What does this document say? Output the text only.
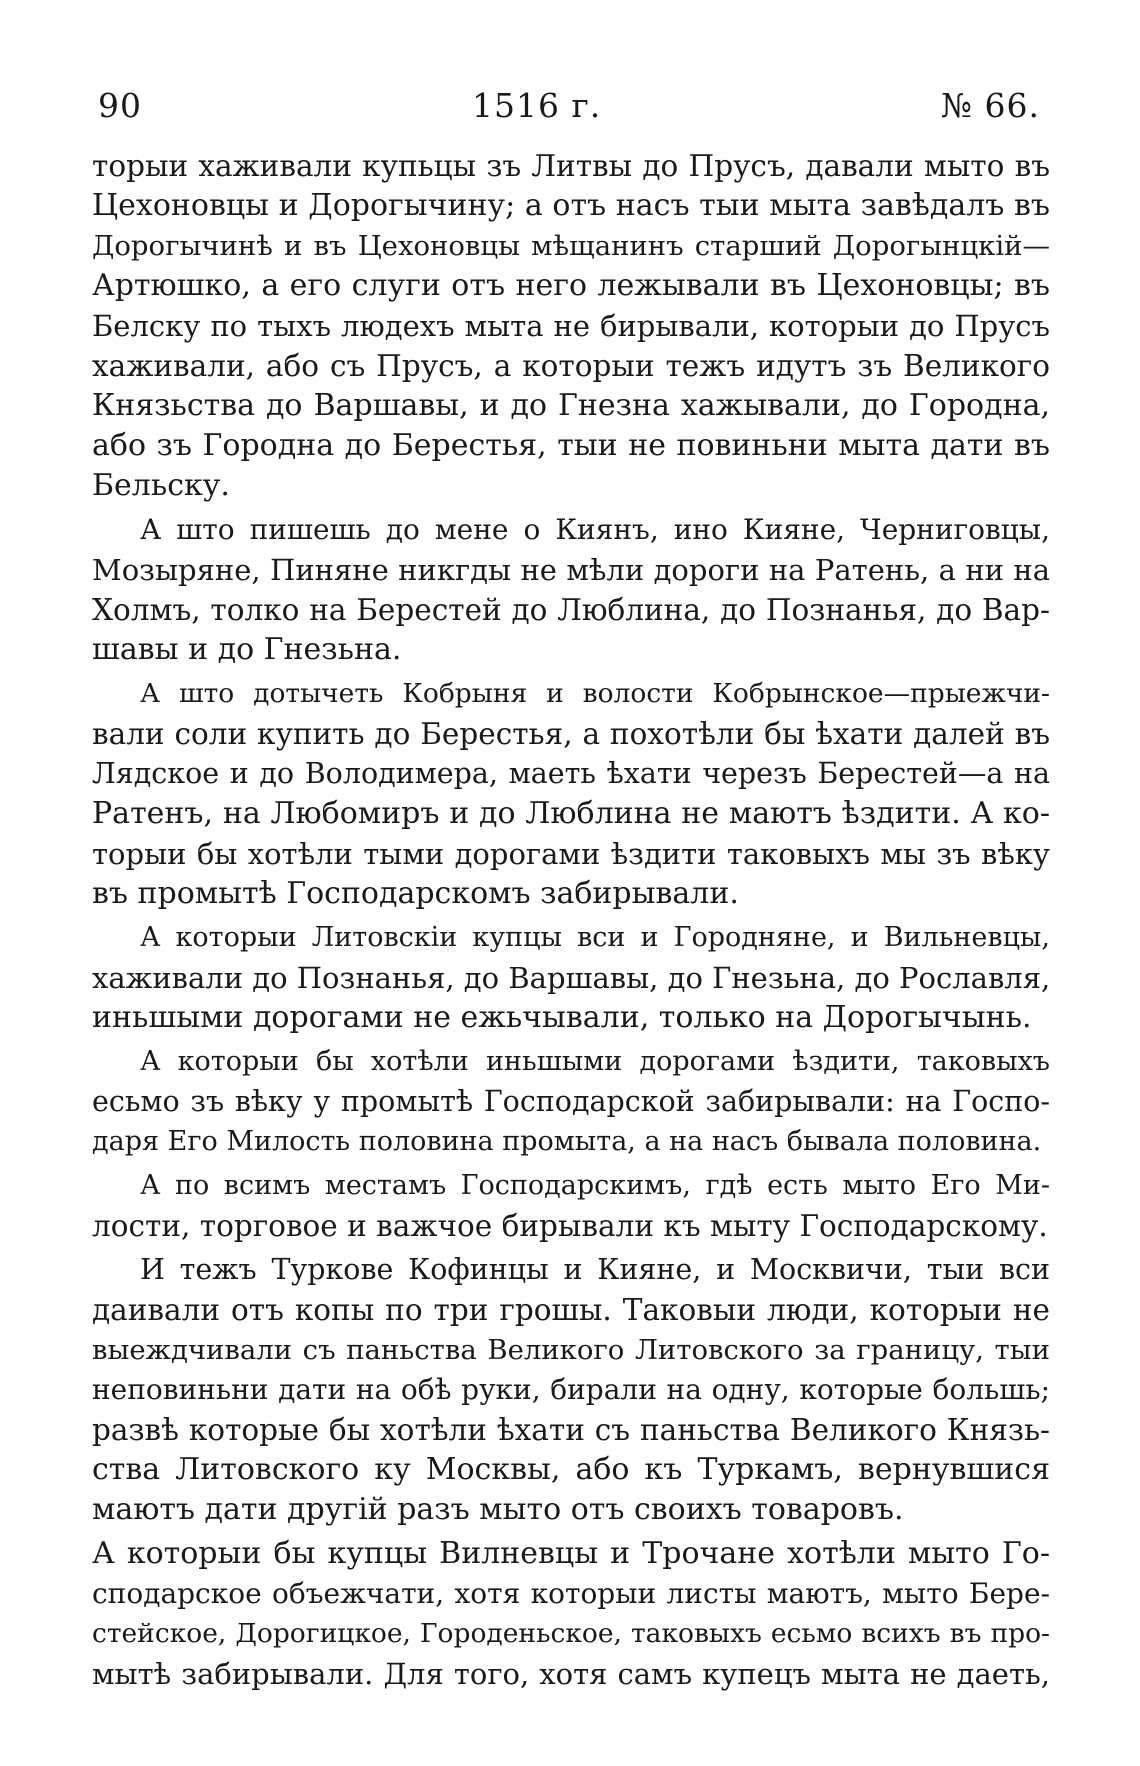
90	1516 г.	№ 66.
торыи хаживали купьцы зъ Литвы до Прусъ, давали мыто въ
Цехоновцы и Дорогычину; а отъ насъ тыи мыта завѣдалъ въ
Дорогычинѣ и въ Цехоновцы мѣщанинъ старший Дорогынцкій—
Артюшко, а его слуги отъ него лежывали въ Цехоновцы; въ
Белску по тыхъ людехъ мыта не бирывали, которыи до Прусъ
хаживали, або съ Прусъ, а которыи тежъ идутъ зъ Великого
Князьства до Варшавы, и до Гнезна хажывали, до Городна,
або зъ Городна до Берестья, тыи не повиньни мыта дати въ
Бельску.
А што пишешь до мене о Киянъ, ино Кияне, Черниговцы,
Мозыряне, Пиняне никгды не мѣли дороги на Ратень, а ни на
Холмъ, толко на Берестей до Люблина, до Познанья, до Вар-
шавы и до Гнезьна.
А што дотычеть Кобрыня и волости Кобрынское—прыежчи-
вали соли купить до Берестья, а похотѣли бы ѣхати далей въ
Лядское и до Володимера, маеть ѣхати черезъ Берестей—а на
Ратенъ, на Любомиръ и до Люблина не маютъ ѣздити. А ко-
торыи бы хотѣли тыми дорогами ѣздити таковыхъ мы зъ вѣку
въ промытѣ Господарскомъ забирывали.
А которыи Литовскіи купцы вси и Городняне, и Вильневцы,
хаживали до Познанья, до Варшавы, до Гнезьна, до Рославля,
иньшыми дорогами не ежьчывали, только на Дорогычынь.
А которыи бы хотѣли иньшыми дорогами ѣздити, таковыхъ
есьмо зъ вѣку у промытѣ Господарской забирывали: на Госпо-
даря Его Милость половина промыта, а на насъ бывала половина.
А по всимъ местамъ Господарскимъ, гдѣ есть мыто Его Ми-
лости, торговое и важчое бирывали къ мыту Господарскому.
И тежъ Турковe Кофинцы и Кияне, и Москвичи, тыи вси
даивали отъ копы по три грошы. Таковыи люди, которыи не
выеждчивали съ паньства Великого Литовского за границу, тыи
неповиньни дати на обѣ руки, бирали на одну, которые большь;
развѣ которые бы хотѣли ѣхати съ паньства Великого Князь-
ства Литовского ку Москвы, або къ Туркамъ, вернувшися
маютъ дати другій разъ мыто отъ своихъ товаровъ.
А которыи бы купцы Вилневцы и Трочане хотѣли мыто Го-
сподарское объежчати, хотя которыи листы маютъ, мыто Бере-
стейское, Дорогицкое, Городеньское, таковыхъ есьмо всихъ въ про-
мытѣ забирывали. Для того, хотя самъ купецъ мыта не даеть,
